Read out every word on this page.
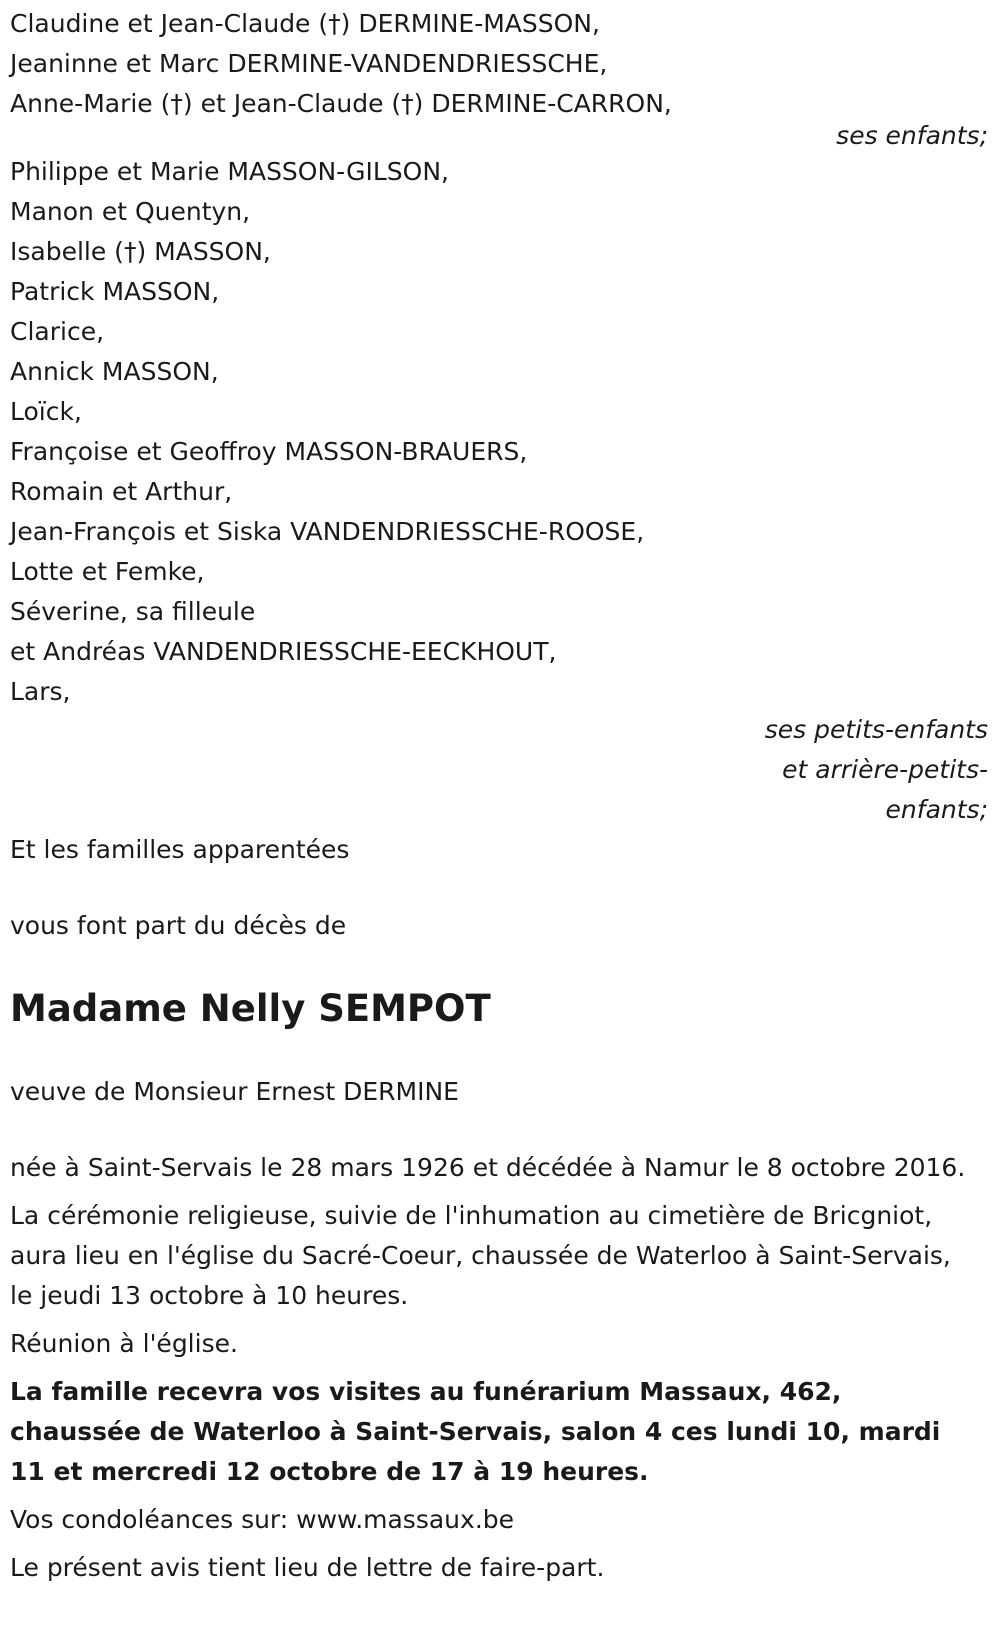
Claudine et Jean-Claude (†) DERMINE-MASSON,
Jeaninne et Marc DERMINE-VANDENDRIESSCHE,
Anne-Marie (†) et Jean-Claude (†) DERMINE-CARRON,
ses enfants;
Philippe et Marie MASSON-GILSON,
Manon et Quentyn,
Isabelle (†) MASSON,
Patrick MASSON,
Clarice,
Annick MASSON,
Loïck,
Françoise et Geoffroy MASSON-BRAUERS,
Romain et Arthur,
Jean-François et Siska VANDENDRIESSCHE-ROOSE,
Lotte et Femke,
Séverine, sa filleule
et Andréas VANDENDRIESSCHE-EECKHOUT,
Lars,
ses petits-enfants
et arrière-petits-
enfants;
Et les familles apparentées
vous font part du décès de
Madame Nelly SEMPOT
veuve de Monsieur Ernest DERMINE
née à Saint-Servais le 28 mars 1926 et décédée à Namur le 8 octobre 2016.
La cérémonie religieuse, suivie de l'inhumation au cimetière de Bricgniot, aura lieu en l'église du Sacré-Coeur, chaussée de Waterloo à Saint-Servais, le jeudi 13 octobre à 10 heures.
Réunion à l'église.
La famille recevra vos visites au funérarium Massaux, 462, chaussée de Waterloo à Saint-Servais, salon 4 ces lundi 10, mardi 11 et mercredi 12 octobre de 17 à 19 heures.
Vos condoléances sur: www.massaux.be
Le présent avis tient lieu de lettre de faire-part.
